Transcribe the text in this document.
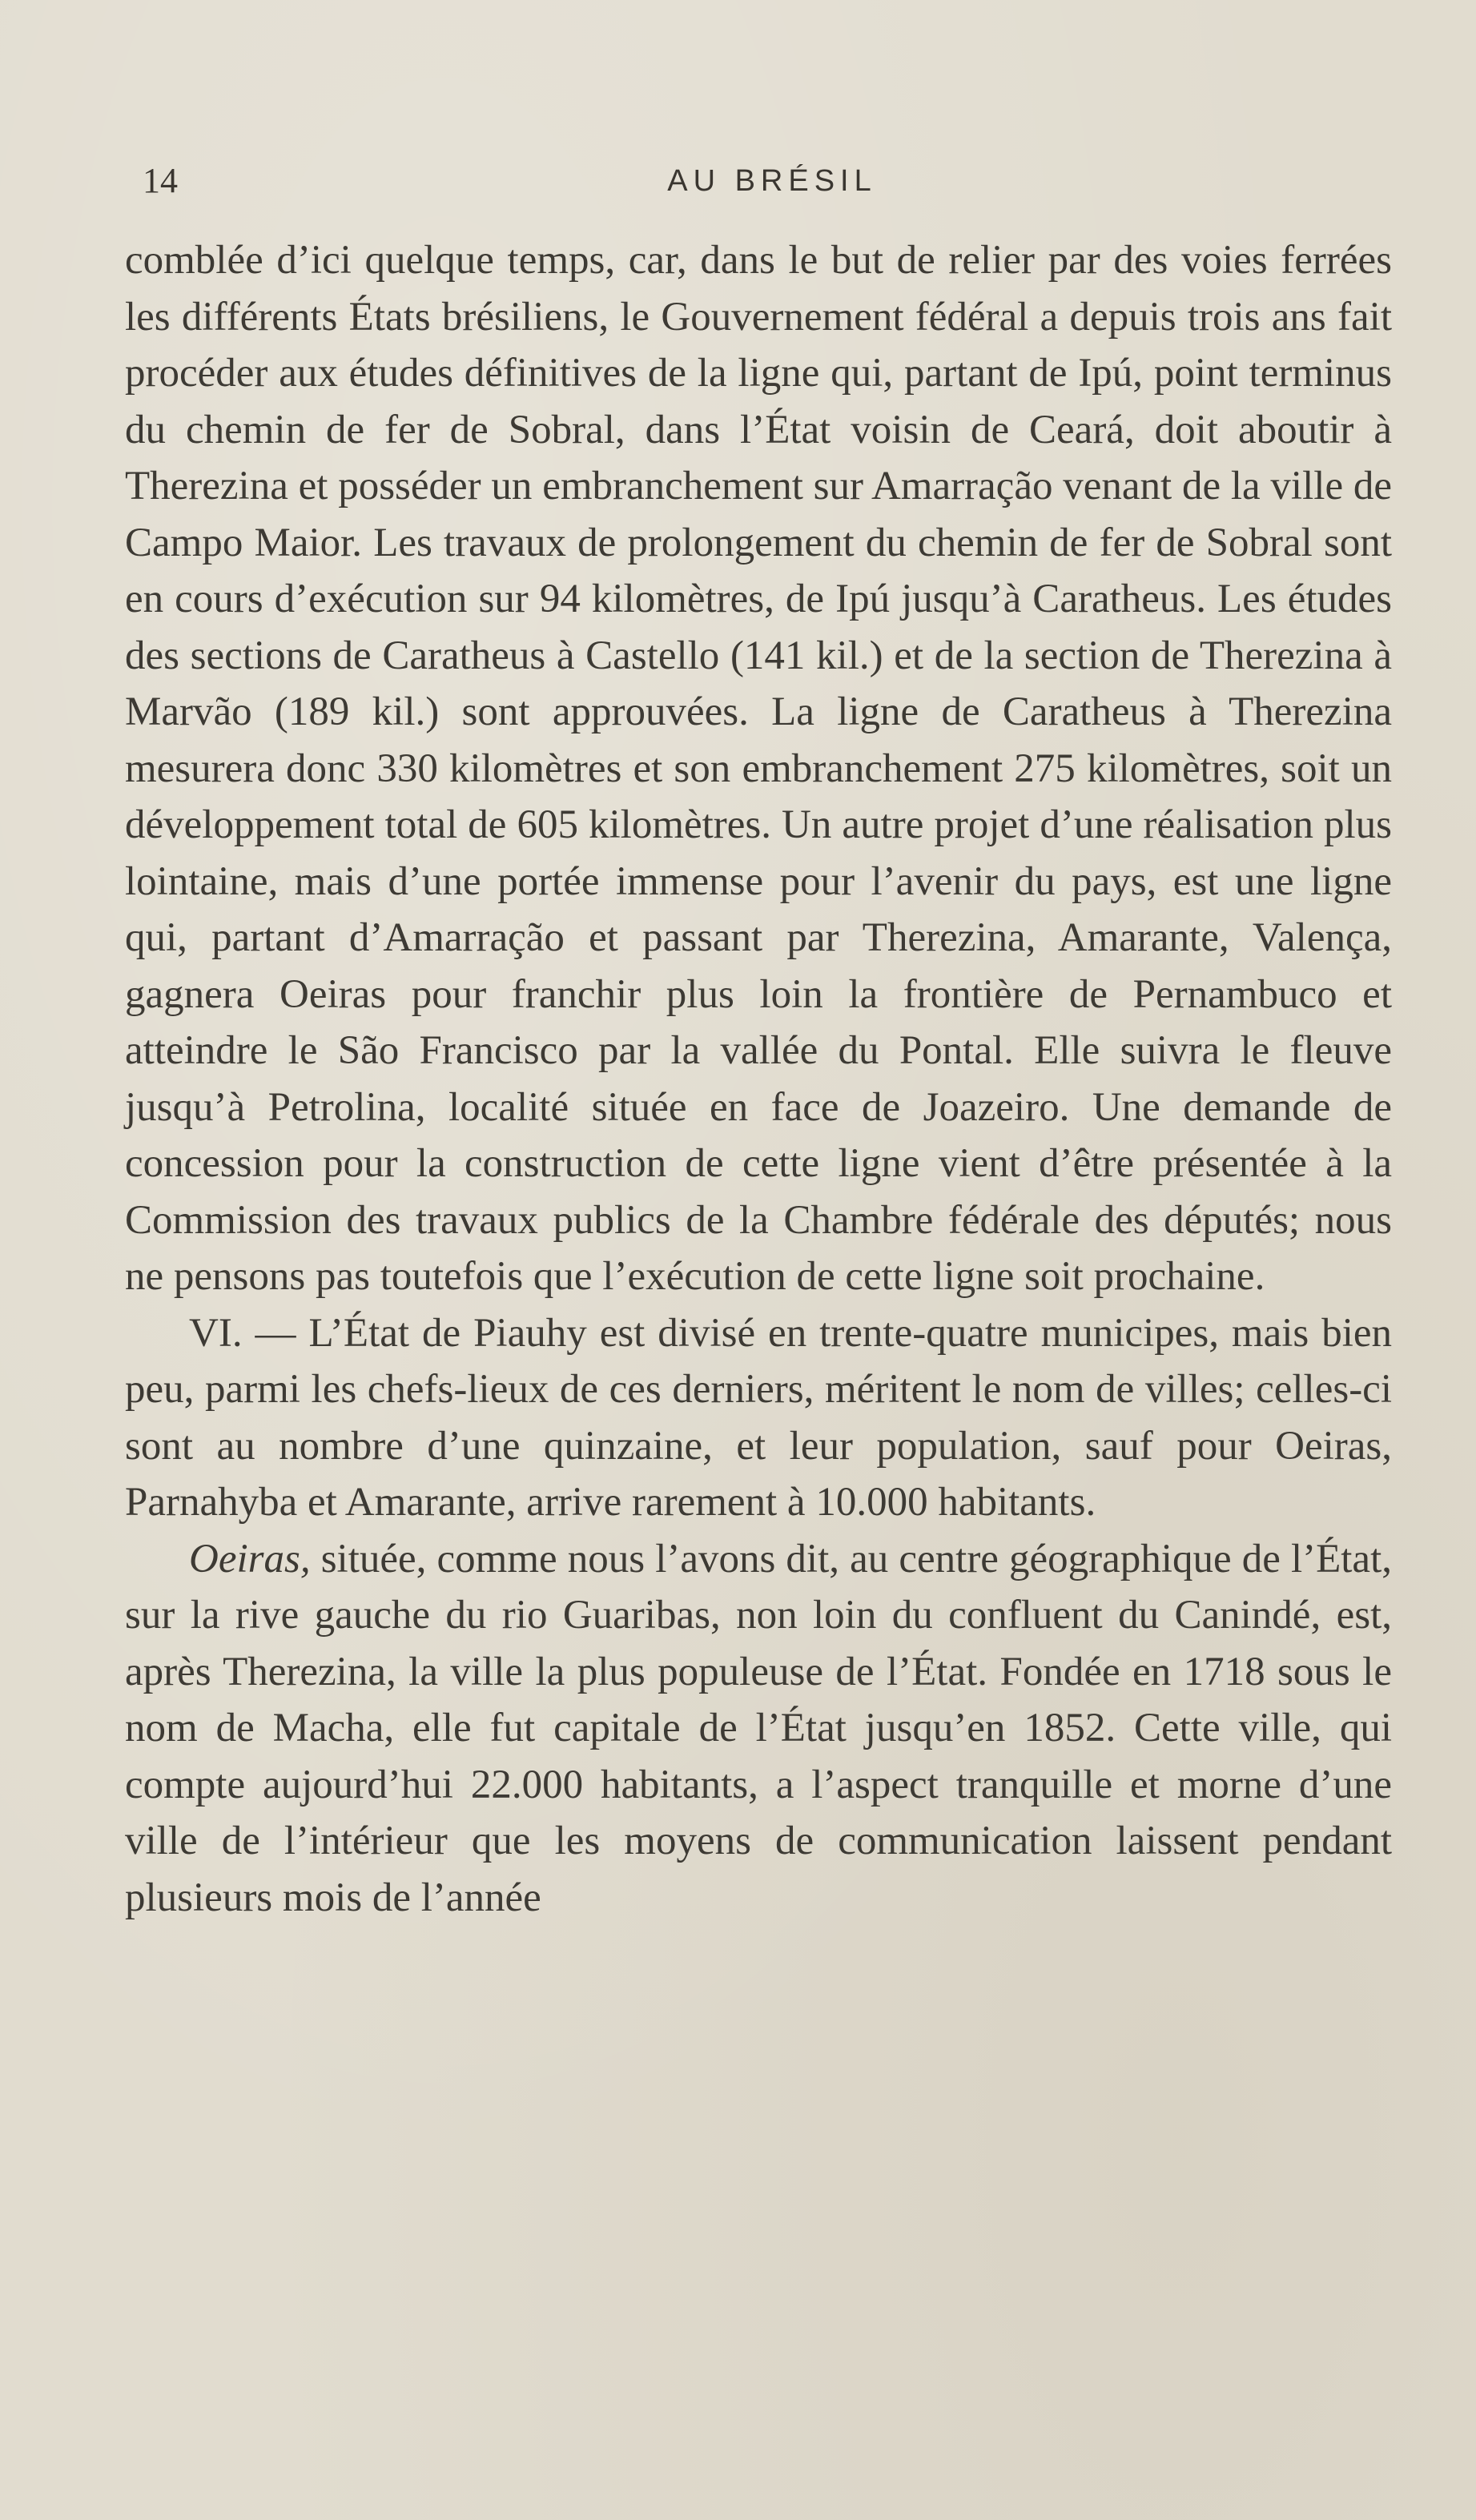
14	AU BRÉSIL

comblée d’ici quelque temps, car, dans le but de relier par des voies ferrées les différents États brésiliens, le Gouvernement fédéral a depuis trois ans fait procéder aux études définitives de la ligne qui, partant de Ipú, point terminus du chemin de fer de Sobral, dans l’État voisin de Ceará, doit aboutir à Therezina et posséder un embranchement sur Amarração venant de la ville de Campo Maior. Les travaux de prolongement du chemin de fer de Sobral sont en cours d’exécution sur 94 kilomètres, de Ipú jusqu’à Caratheus. Les études des sections de Caratheus à Castello (141 kil.) et de la section de Therezina à Marvão (189 kil.) sont approuvées. La ligne de Caratheus à Therezina mesurera donc 330 kilomètres et son embranchement 275 kilomètres, soit un développement total de 605 kilomètres. Un autre projet d’une réalisation plus lointaine, mais d’une portée immense pour l’avenir du pays, est une ligne qui, partant d’Amarração et passant par Therezina, Amarante, Valença, gagnera Oeiras pour franchir plus loin la frontière de Pernambuco et atteindre le São Francisco par la vallée du Pontal. Elle suivra le fleuve jusqu’à Petrolina, localité située en face de Joazeiro. Une demande de concession pour la construction de cette ligne vient d’être présentée à la Commission des travaux publics de la Chambre fédérale des députés; nous ne pensons pas toutefois que l’exécution de cette ligne soit prochaine.

VI. — L’État de Piauhy est divisé en trente-quatre municipes, mais bien peu, parmi les chefs-lieux de ces derniers, méritent le nom de villes; celles-ci sont au nombre d’une quinzaine, et leur population, sauf pour Oeiras, Parnahyba et Amarante, arrive rarement à 10.000 habitants.

Oeiras, située, comme nous l’avons dit, au centre géographique de l’État, sur la rive gauche du rio Guaribas, non loin du confluent du Canindé, est, après Therezina, la ville la plus populeuse de l’État. Fondée en 1718 sous le nom de Macha, elle fut capitale de l’État jusqu’en 1852. Cette ville, qui compte aujourd’hui 22.000 habitants, a l’aspect tranquille et morne d’une ville de l’intérieur que les moyens de communication laissent pendant plusieurs mois de l’année
